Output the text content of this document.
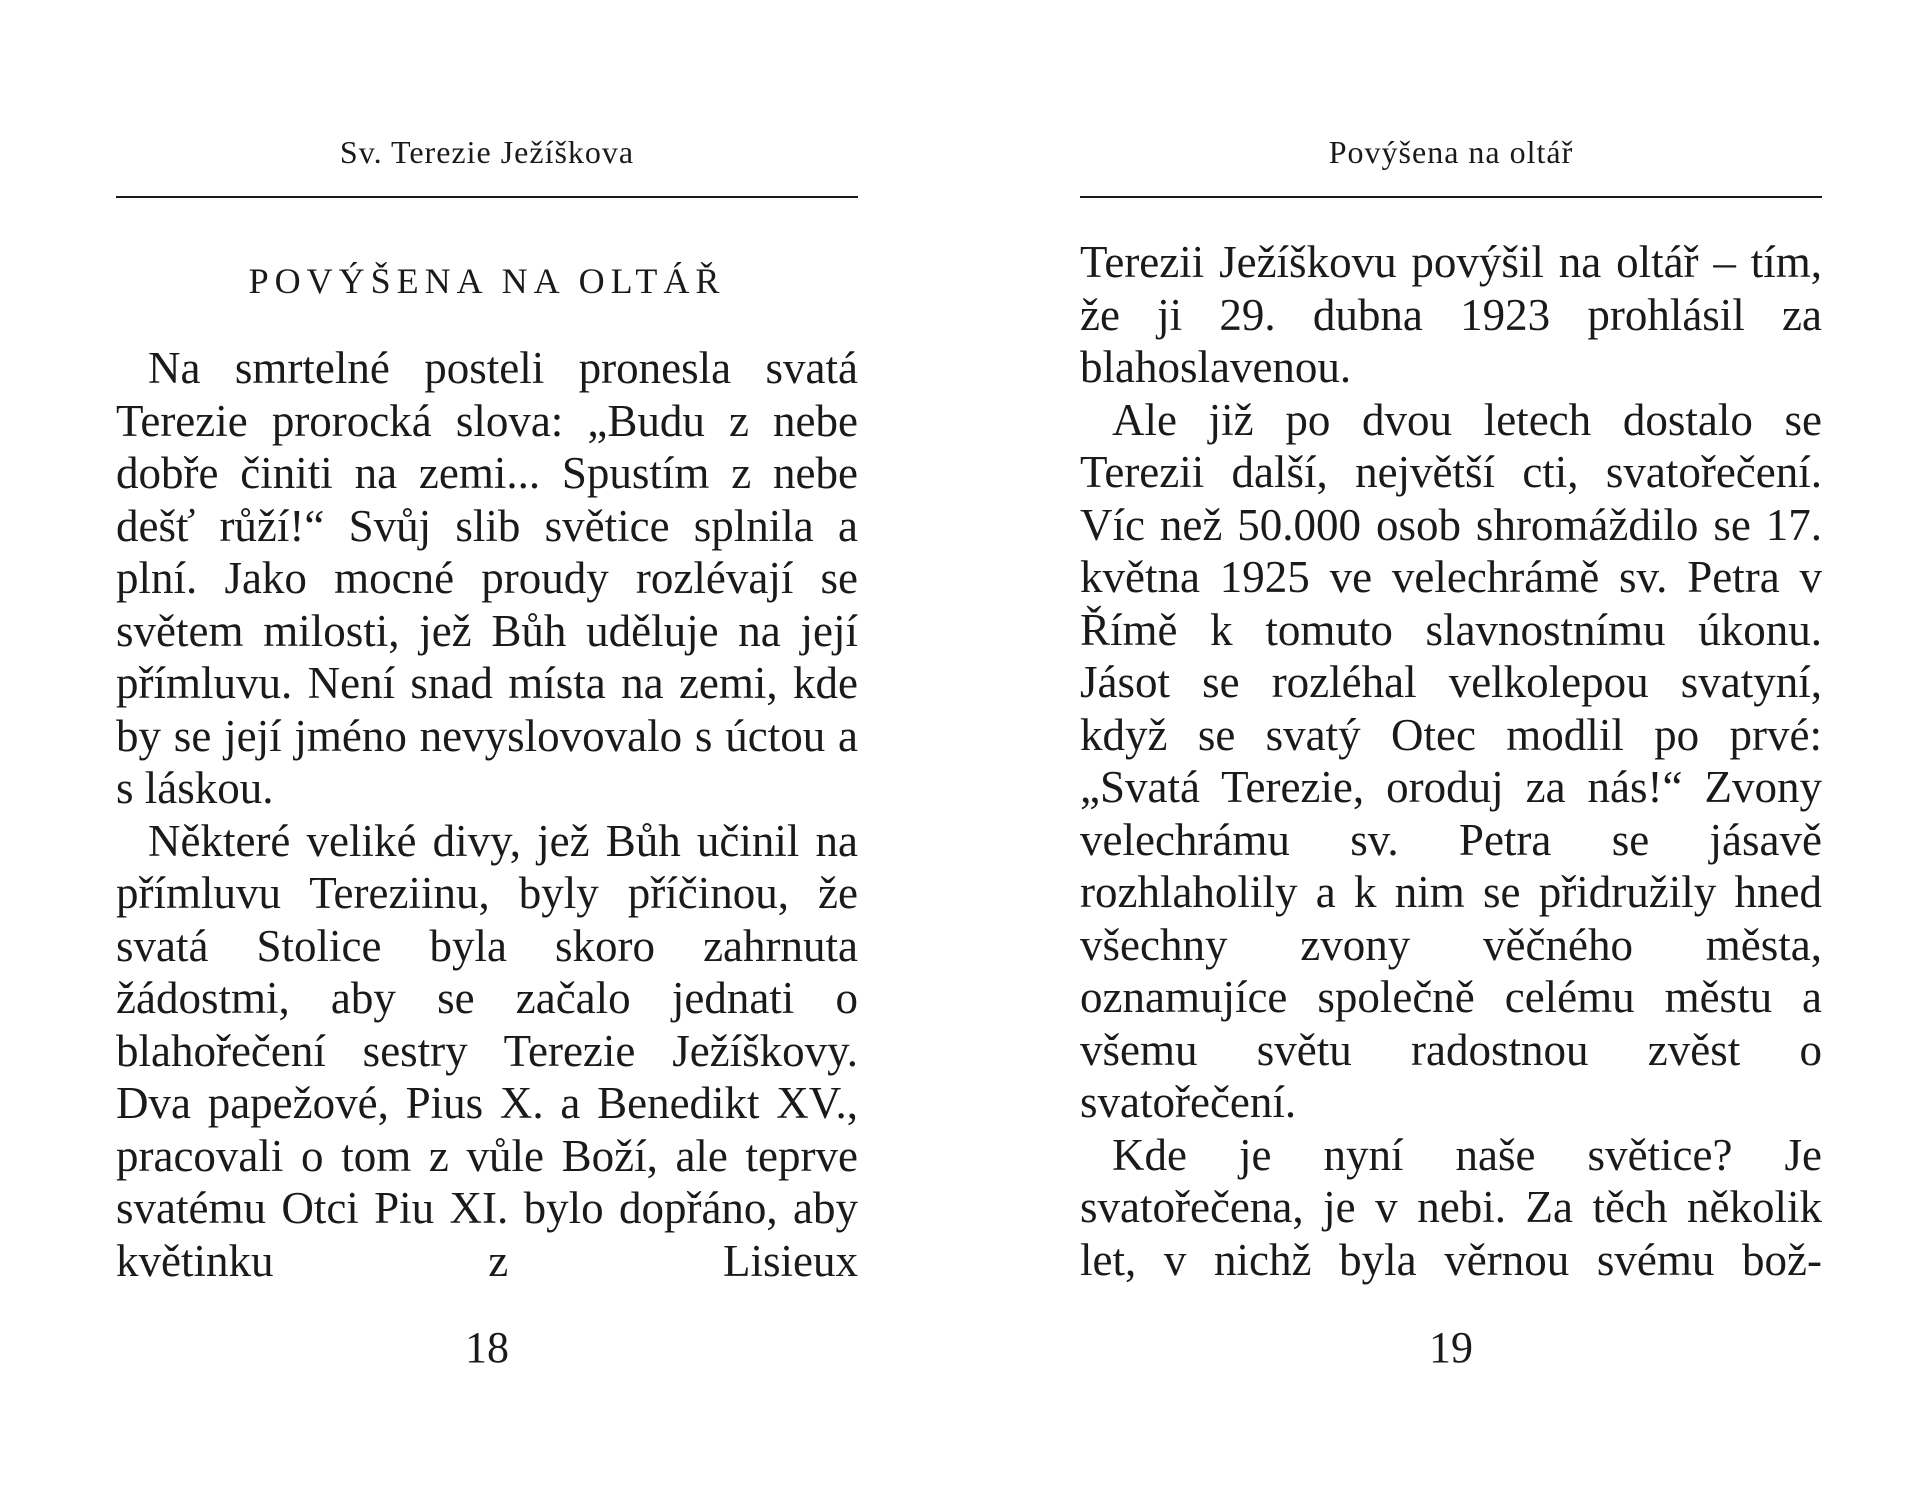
Sv. Terezie Ježíškova
POVÝŠENA NA OLTÁŘ

Na smrtelné posteli pronesla svatá Terezie prorocká slova: „Budu z nebe dobře činiti na zemi... Spustím z nebe dešť růží!“ Svůj slib světice splnila a plní. Jako mocné proudy rozlévají se světem milosti, jež Bůh uděluje na její přímluvu. Není snad místa na zemi, kde by se její jméno nevyslovovalo s úctou a s láskou.

Některé veliké divy, jež Bůh učinil na přímluvu Tereziinu, byly příčinou, že svatá Stolice byla skoro zahrnuta žádostmi, aby se začalo jednati o blahořečení sestry Terezie Ježíškovy. Dva papežové, Pius X. a Benedikt XV., pracovali o tom z vůle Boží, ale teprve svatému Otci Piu XI. bylo dopřáno, aby květinku z Lisieux

18
Povýšena na oltář

Terezii Ježíškovu povýšil na oltář – tím, že ji 29. dubna 1923 prohlásil za blahoslavenou.

Ale již po dvou letech dostalo se Terezii další, největší cti, svatořečení. Víc než 50.000 osob shromáždilo se 17. května 1925 ve velechrámě sv. Petra v Římě k tomuto slavnostnímu úkonu. Jásot se rozléhal velkolepou svatyní, když se svatý Otec modlil po prvé: „Svatá Terezie, oroduj za nás!“ Zvony velechrámu sv. Petra se jásavě rozhlaholily a k nim se přidružily hned všechny zvony věčného města, oznamujíce společně celému městu a všemu světu radostnou zvěst o svatořečení.

Kde je nyní naše světice? Je svatořečena, je v nebi. Za těch několik let, v nichž byla věrnou svému bož-

19
